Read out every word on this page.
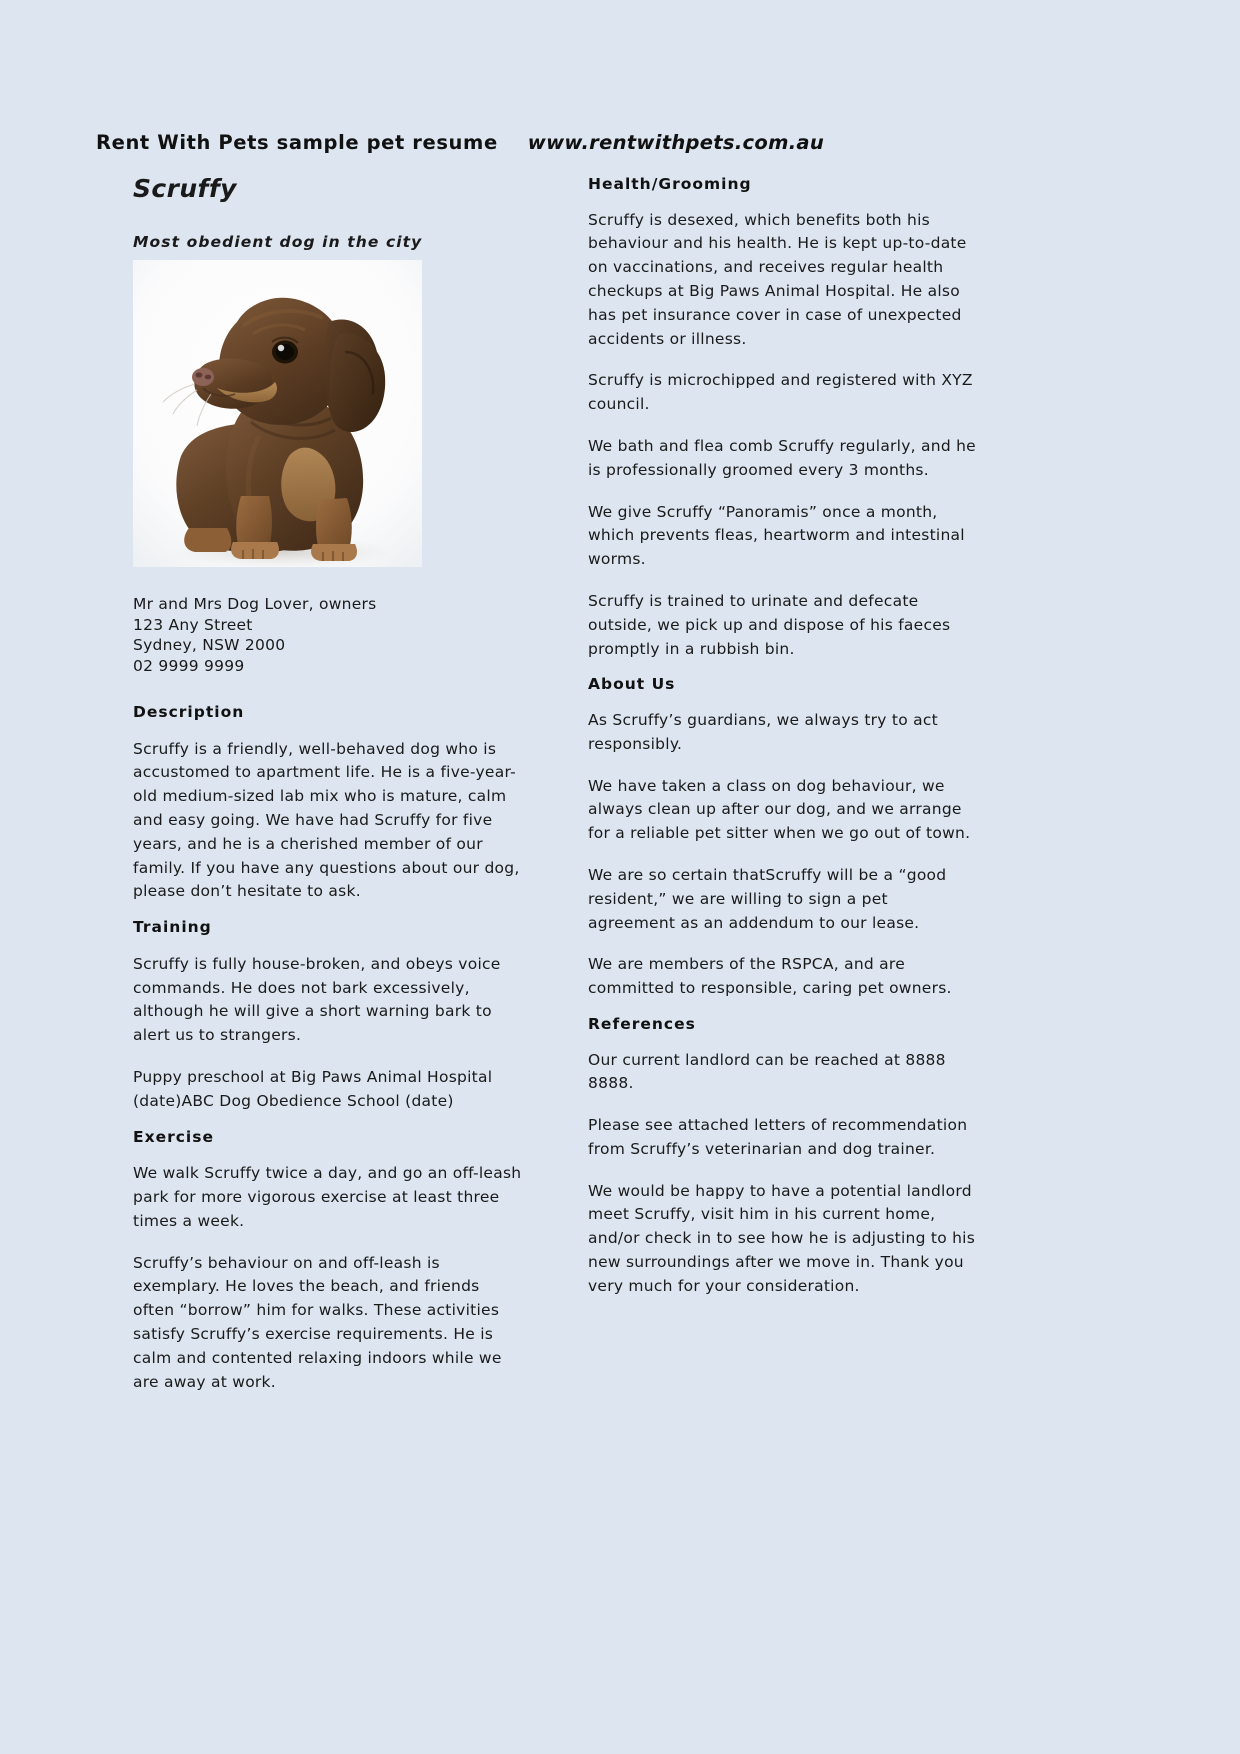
Rent With Pets sample pet resume www.rentwithpets.com.au
Scruffy
Most obedient dog in the city
Mr and Mrs Dog Lover, owners
123 Any Street
Sydney, NSW 2000
02 9999 9999
Description

Scruffy is a friendly, well-behaved dog who is accustomed to apartment life. He is a five-year-old medium-sized lab mix who is mature, calm and easy going. We have had Scruffy for five years, and he is a cherished member of our family. If you have any questions about our dog, please don’t hesitate to ask.

Training

Scruffy is fully house-broken, and obeys voice commands. He does not bark excessively, although he will give a short warning bark to alert us to strangers.

Puppy preschool at Big Paws Animal Hospital (date)ABC Dog Obedience School (date)

Exercise

We walk Scruffy twice a day, and go an off-leash park for more vigorous exercise at least three times a week.

Scruffy’s behaviour on and off-leash is exemplary. He loves the beach, and friends often “borrow” him for walks. These activities satisfy Scruffy’s exercise requirements. He is calm and contented relaxing indoors while we are away at work.

Health/Grooming

Scruffy is desexed, which benefits both his behaviour and his health. He is kept up-to-date on vaccinations, and receives regular health checkups at Big Paws Animal Hospital. He also has pet insurance cover in case of unexpected accidents or illness.

Scruffy is microchipped and registered with XYZ council.

We bath and flea comb Scruffy regularly, and he is professionally groomed every 3 months.

We give Scruffy “Panoramis” once a month, which prevents fleas, heartworm and intestinal worms.

Scruffy is trained to urinate and defecate outside, we pick up and dispose of his faeces promptly in a rubbish bin.

About Us

As Scruffy’s guardians, we always try to act responsibly.

We have taken a class on dog behaviour, we always clean up after our dog, and we arrange for a reliable pet sitter when we go out of town.

We are so certain thatScruffy will be a “good resident,” we are willing to sign a pet agreement as an addendum to our lease.

We are members of the RSPCA, and are committed to responsible, caring pet owners.

References

Our current landlord can be reached at 8888 8888.

Please see attached letters of recommendation from Scruffy’s veterinarian and dog trainer.

We would be happy to have a potential landlord meet Scruffy, visit him in his current home, and/or check in to see how he is adjusting to his new surroundings after we move in. Thank you very much for your consideration.
